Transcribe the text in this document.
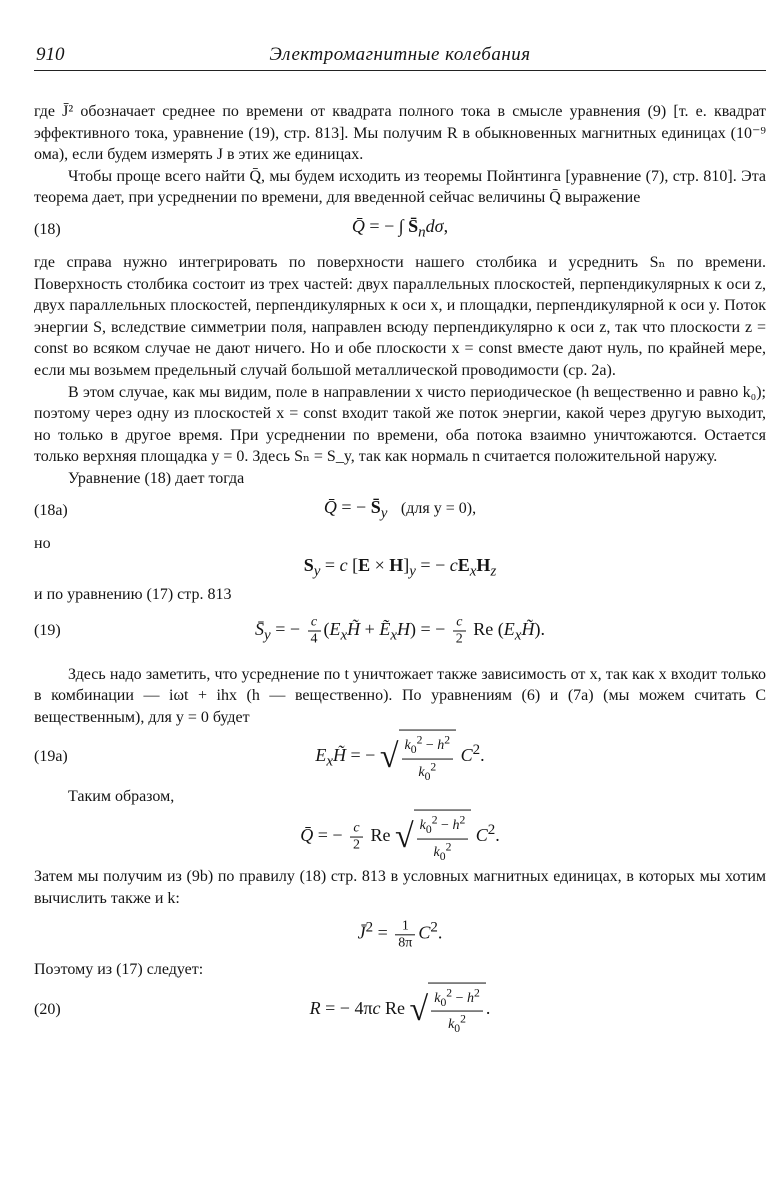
910	Электромагнитные колебания

где J̄² обозначает среднее по времени от квадрата полного тока в смысле уравнения (9) [т. е. квадрат эффективного тока, уравнение (19), стр. 813]. Мы получим R в обыкновенных магнитных единицах (10⁻⁹ ома), если будем измерять J в этих же единицах.

Чтобы проще всего найти Q̄, мы будем исходить из теоремы Пойнтинга [уравнение (7), стр. 810]. Эта теорема дает, при усреднении по времени, для введенной сейчас величины Q̄ выражение

(18)	Q̄ = − ∫ $S̄_nd\sigma$,

где справа нужно интегрировать по поверхности нашего столбика и усреднить Sₙ по времени. Поверхность столбика состоит из трех частей: двух параллельных плоскостей, перпендикулярных к оси z, двух параллельных плоскостей, перпендикулярных к оси x, и площадки, перпендикулярной к оси y. Поток энергии S, вследствие симметрии поля, направлен всюду перпендикулярно к оси z, так что плоскости z = const во всяком случае не дают ничего. Но и обе плоскости x = const вместе дают нуль, по крайней мере, если мы возьмем предельный случай большой металлической проводимости (ср. 2a).

В этом случае, как мы видим, поле в направлении x чисто периодическое (h вещественно и равно k₀); поэтому через одну из плоскостей x = const входит такой же поток энергии, какой через другую выходит, но только в другое время. При усреднении по времени, оба потока взаимно уничтожаются. Остается только верхняя площадка y = 0. Здесь Sₙ = S_y, так как нормаль n считается положительной наружу.

Уравнение (18) дает тогда

(18a)	Q̄ = − $S̄_y$ (для y = 0),

но

$S_y = c$ $[E \times H]_y$ = − $cE_xH_z$

и по уравнению (17) стр. 813

(19)	$S̄_y$ = − $\frac{c}{4}$ ($E_xH̃$ + Ẽ$_x$H) = − $\frac{c}{2}$ Re $(E_xH̃)$.

Здесь надо заметить, что усреднение по t уничтожает также зависимость от x, так как x входит только в комбинации — iωt + ihx (h — вещественно). По уравнениям (6) и (7a) (мы можем считать C вещественным), для y = 0 будет

(19a)	$E_xH̃$ = − √ $\frac{k_0^2 - h^2}{k_0^2} C^2$.

Таким образом,

Q̄ = − $\frac{c}{2}$ Re √ $\frac{k_0^2 - h^2}{k_0^2} C^2$.

Затем мы получим из (9b) по правилу (18) стр. 813 в условных магнитных единицах, в которых мы хотим вычислить также и k:

J̄$^2$ = $\frac{1}{8\pi} C^2$.

Поэтому из (17) следует:

(20)	R = − 4πc Re √ $\frac{k_0^2 - h^2}{k_0^2}$ .
